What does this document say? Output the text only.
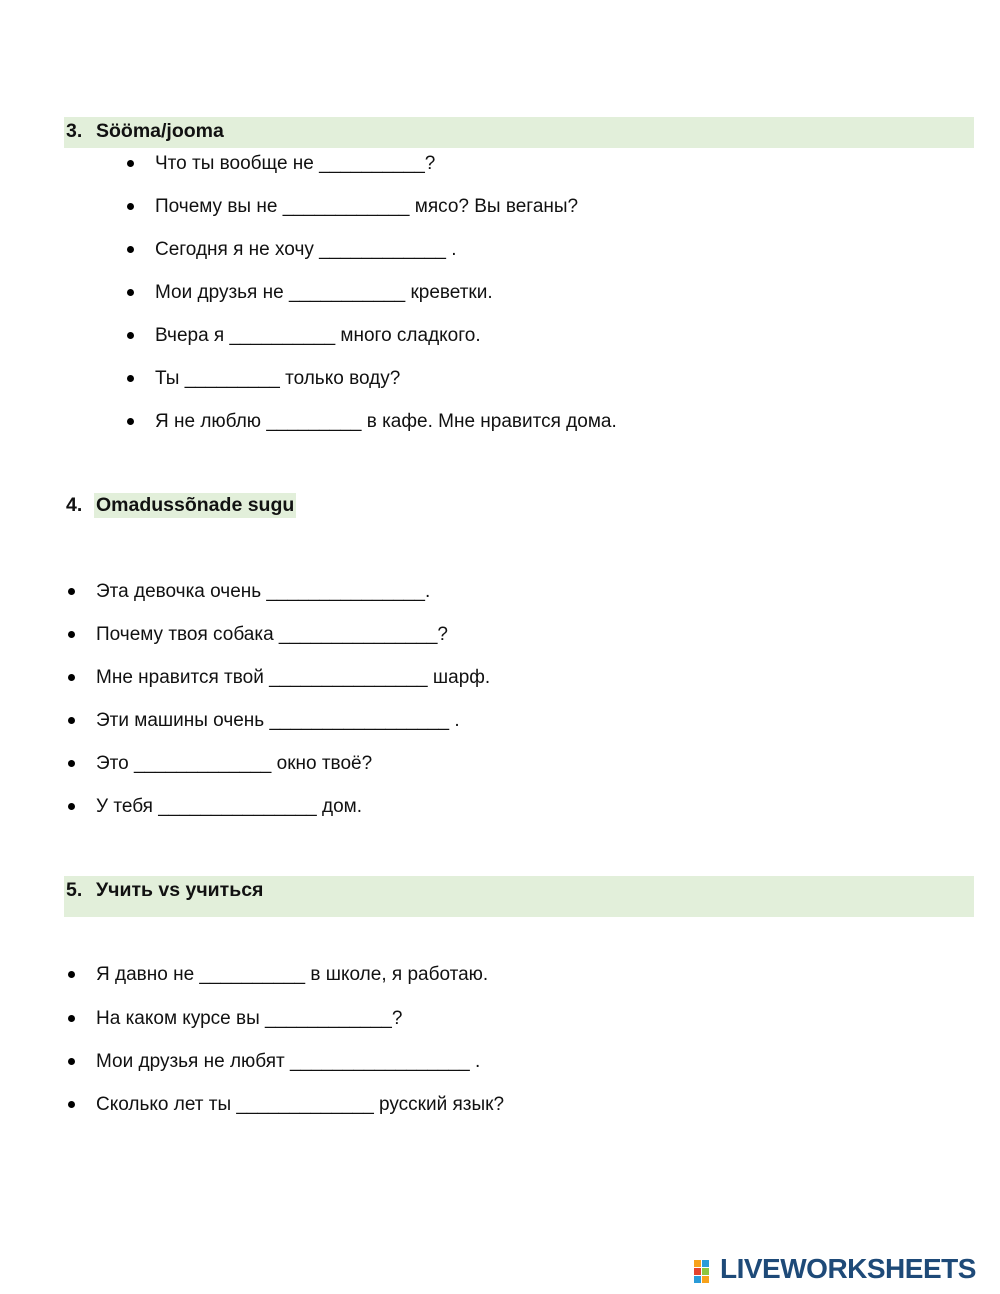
3. Sööma/jooma
Что ты вообще не __________?
Почему вы не ____________ мясо? Вы веганы?
Сегодня я не хочу ____________ .
Мои друзья не ___________ креветки.
Вчера я __________ много сладкого.
Ты _________ только воду?
Я не люблю _________ в кафе. Мне нравится дома.
4. Omadussõnade sugu
Эта девочка очень _______________.
Почему твоя собака _______________?
Мне нравится твой _______________ шарф.
Эти машины очень _________________ .
Это _____________ окно твоё?
У тебя _______________ дом.
5. Учить vs учиться
Я давно не __________ в школе, я работаю.
На каком курсе вы ____________?
Мои друзья не любят _________________ .
Сколько лет ты _____________ русский язык?
LIVEWORKSHEETS
